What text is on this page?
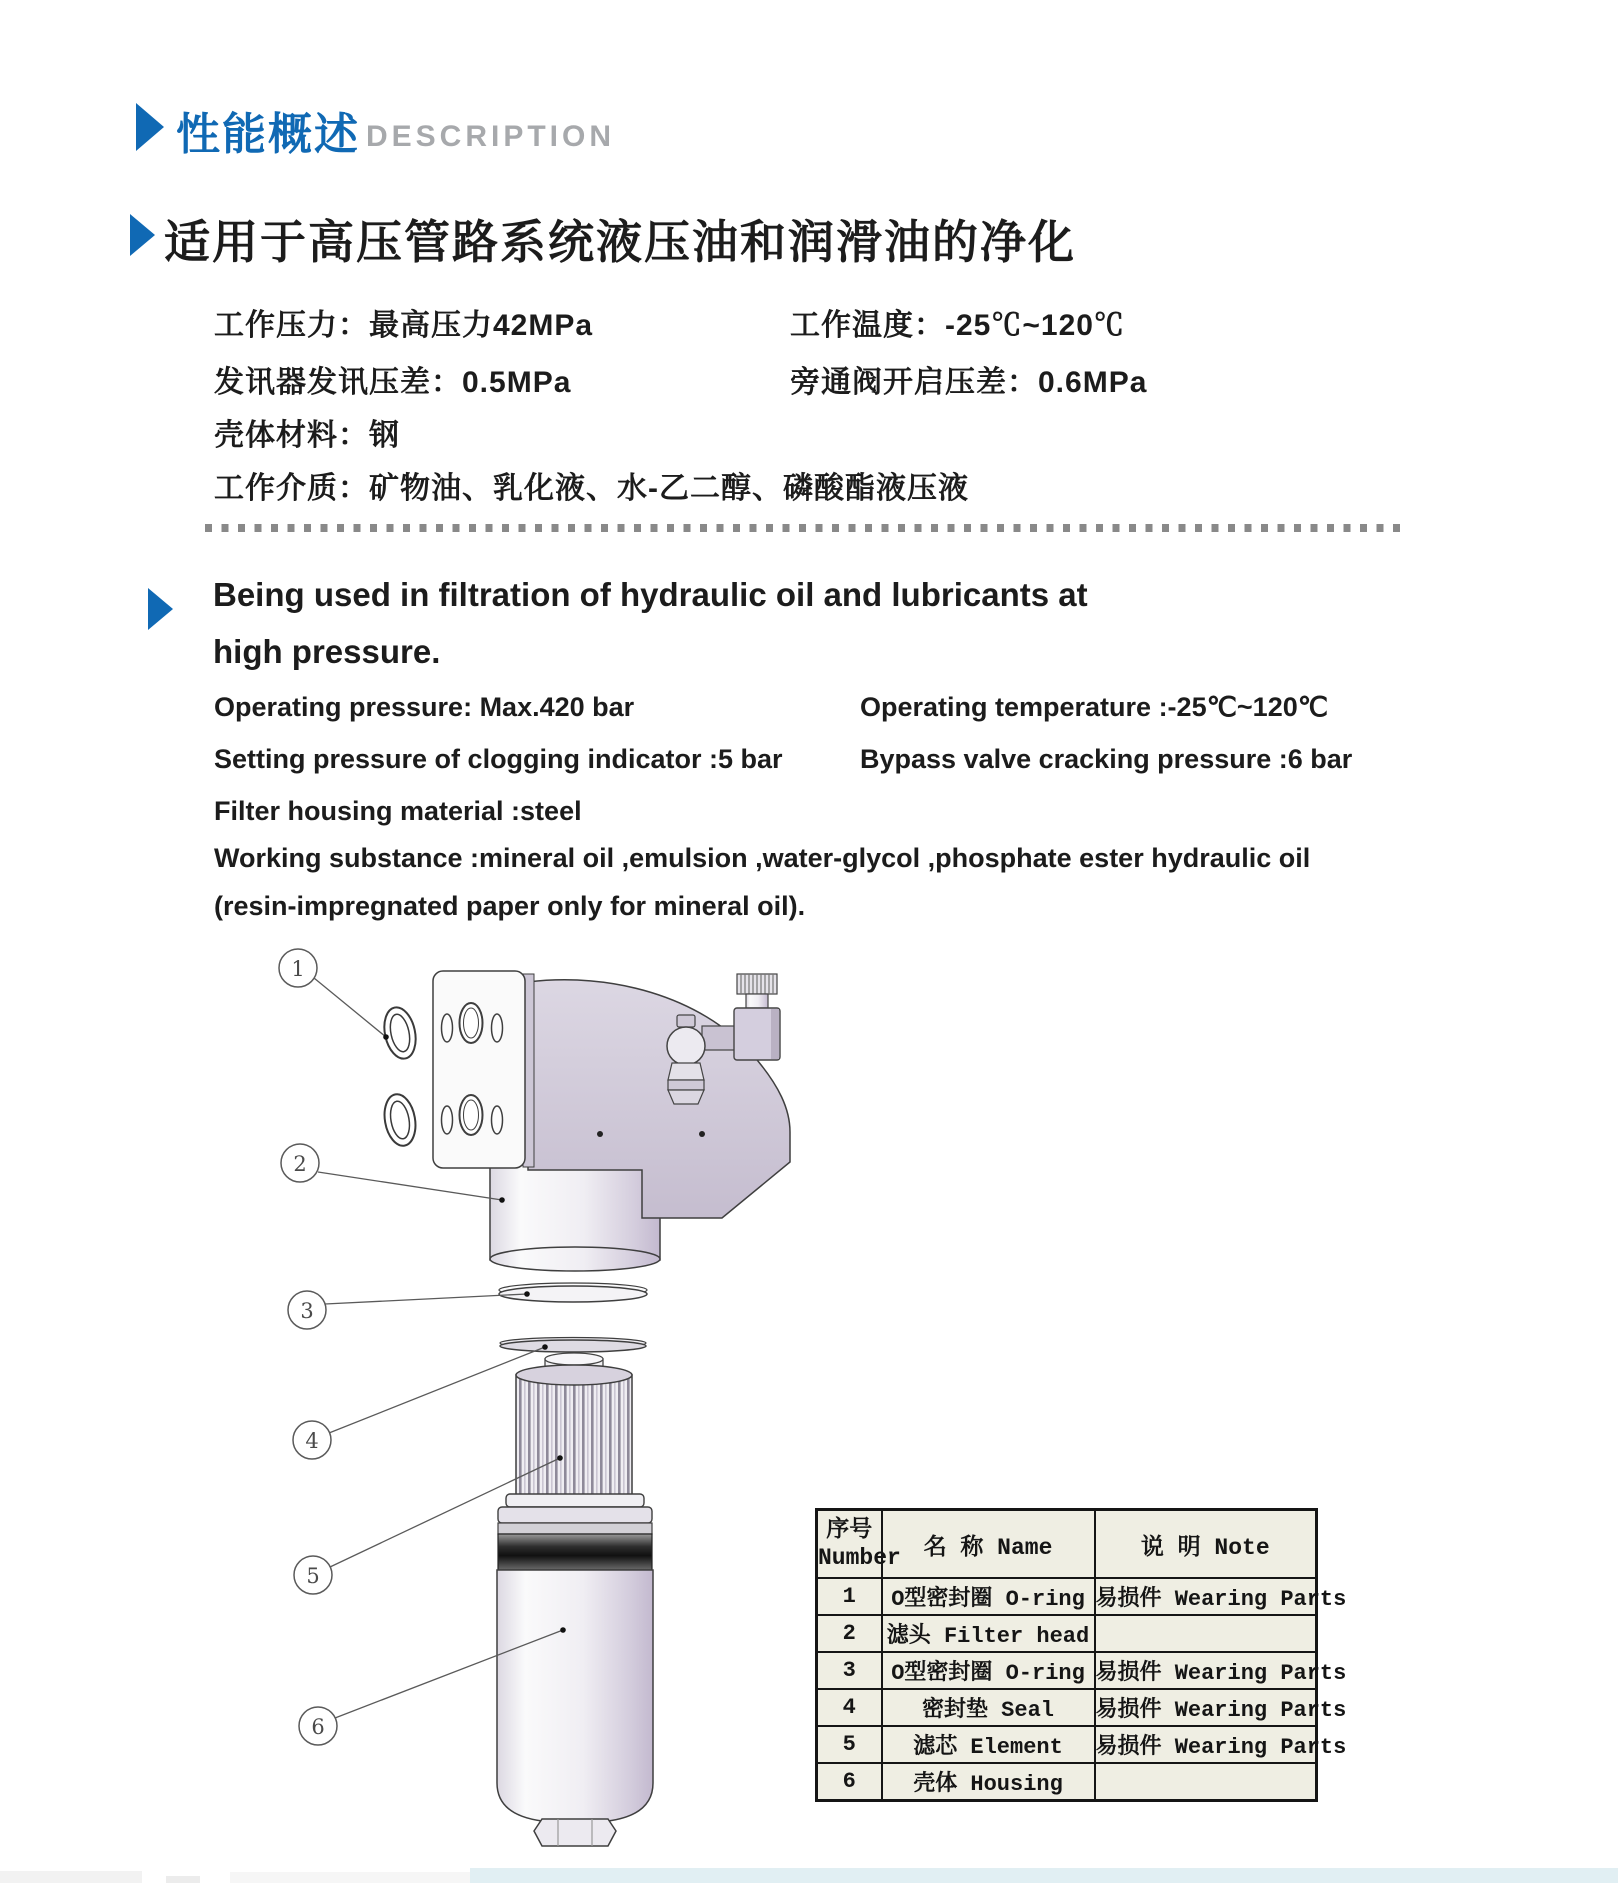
性能概述 DESCRIPTION
适用于高压管路系统液压油和润滑油的净化
工作压力：最高压力42MPa	工作温度：-25℃~120℃
发讯器发讯压差：0.5MPa	旁通阀开启压差：0.6MPa
壳体材料：钢
工作介质：矿物油、乳化液、水-乙二醇、磷酸酯液压液
Being used in filtration of hydraulic oil and lubricants at
high pressure.
Operating pressure: Max.420 bar	Operating temperature :-25℃~120℃
Setting pressure of clogging indicator :5 bar	Bypass valve cracking pressure :6 bar
Filter housing material :steel
Working substance :mineral oil ,emulsion ,water-glycol ,phosphate ester hydraulic oil
(resin-impregnated paper only for mineral oil).
1
2
3
4
5
6
序号
Number	名 称 Name	说 明 Note
1	O型密封圈 O-ring	易损件 Wearing Parts
2	滤头 Filter head	
3	O型密封圈 O-ring	易损件 Wearing Parts
4	密封垫 Seal	易损件 Wearing Parts
5	滤芯 Element	易损件 Wearing Parts
6	壳体 Housing	
